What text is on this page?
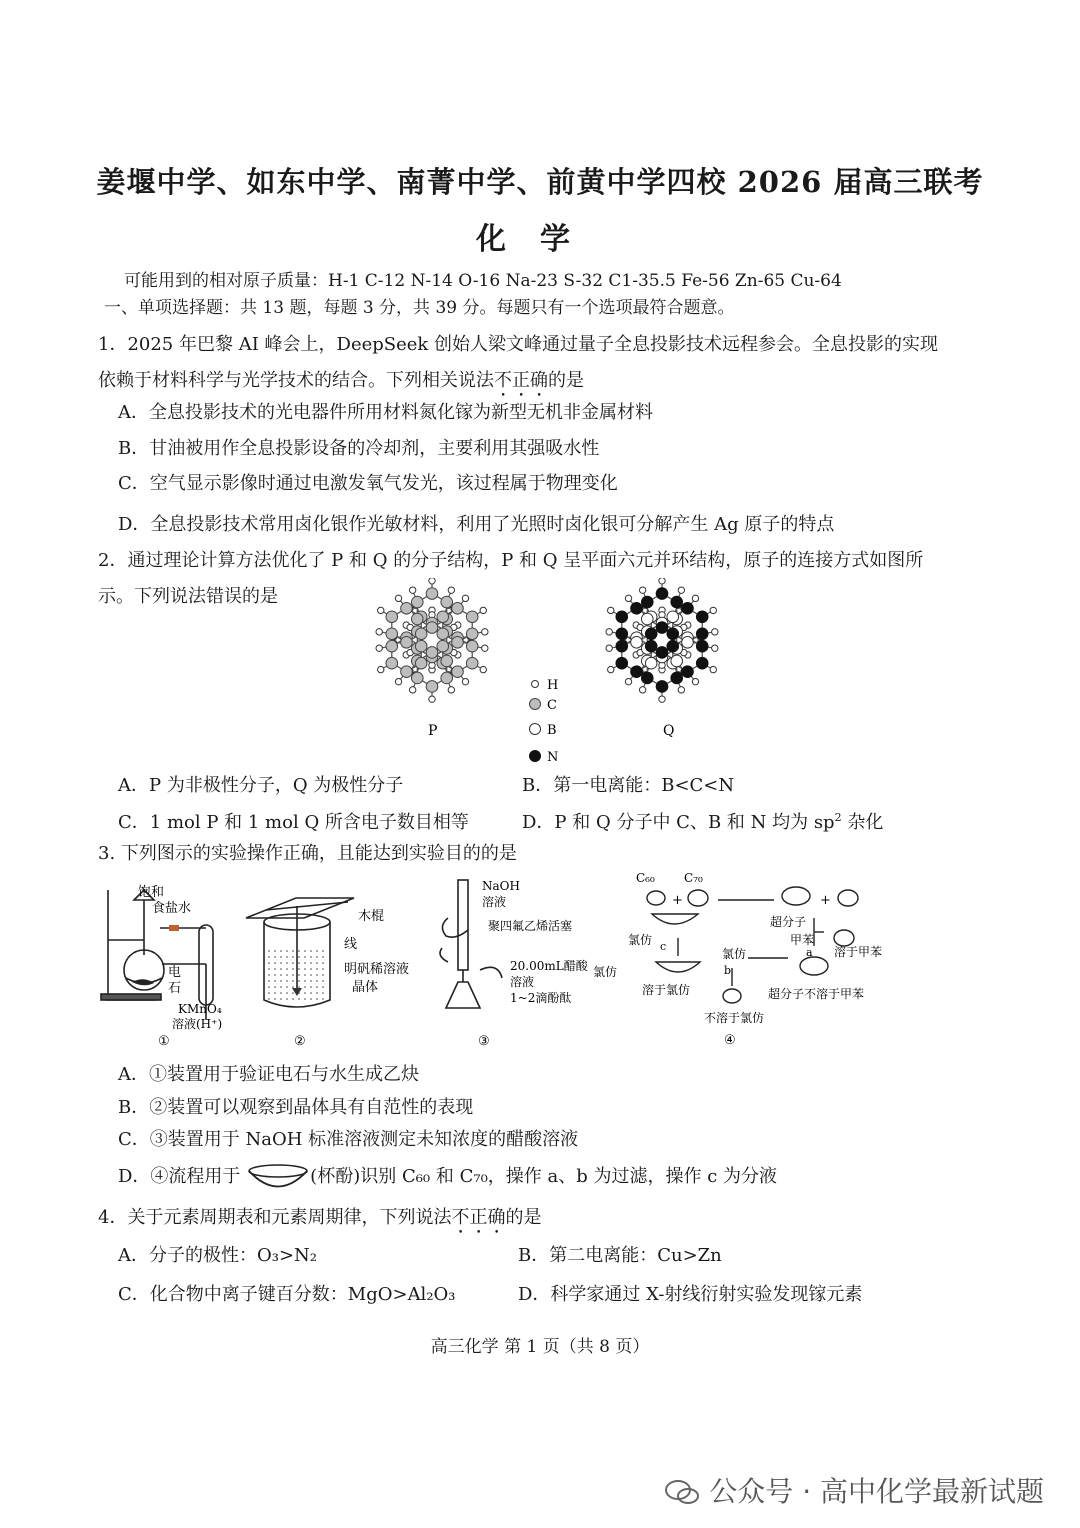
姜堰中学、如东中学、南菁中学、前黄中学四校 2026 届高三联考
化学
可能用到的相对原子质量：H-1 C-12 N-14 O-16 Na-23 S-32 C1-35.5 Fe-56 Zn-65 Cu-64
一、单项选择题：共 13 题，每题 3 分，共 39 分。每题只有一个选项最符合题意。
1．2025 年巴黎 AI 峰会上，DeepSeek 创始人梁文峰通过量子全息投影技术远程参会。全息投影的实现
依赖于材料科学与光学技术的结合。下列相关说法不正确的是
A．全息投影技术的光电器件所用材料氮化镓为新型无机非金属材料
B．甘油被用作全息投影设备的冷却剂，主要利用其强吸水性
C．空气显示影像时通过电激发氧气发光，该过程属于物理变化
D．全息投影技术常用卤化银作光敏材料，利用了光照时卤化银可分解产生 Ag 原子的特点
2．通过理论计算方法优化了 P 和 Q 的分子结构，P 和 Q 呈平面六元并环结构，原子的连接方式如图所
示。下列说法错误的是
P	Q
H
C
B
N
A．P 为非极性分子，Q 为极性分子	B．第一电离能：B<C<N
C．1 mol P 和 1 mol Q 所含电子数目相等	D．P 和 Q 分子中 C、B 和 N 均为 $sp^2$ 杂化
3. 下列图示的实验操作正确，且能达到实验目的的是
饱和
食盐水
电
石
KMnO₄
溶液(H⁺)
①
木棍
线
明矾稀溶液
晶体
②
NaOH
溶液
聚四氟乙烯活塞
20.00mL醋酸
溶液
1~2滴酚酞
氯仿
③
C₆₀ C₇₀
+	+
超分子
甲苯
a 溶于甲苯
氯仿 c
氯仿
b
溶于氯仿	超分子不溶于甲苯
不溶于氯仿
④
A．①装置用于验证电石与水生成乙炔
B．②装置可以观察到晶体具有自范性的表现
C．③装置用于 NaOH 标准溶液测定未知浓度的醋酸溶液
D．④流程用于	(杯酚)识别 C₆₀ 和 C₇₀，操作 a、b 为过滤，操作 c 为分液
4．关于元素周期表和元素周期律，下列说法不正确的是
A．分子的极性：O₃>N₂	B．第二电离能：Cu>Zn
C．化合物中离子键百分数：MgO>Al₂O₃	D．科学家通过 X-射线衍射实验发现镓元素
高三化学 第 1 页（共 8 页）
公众号 · 高中化学最新试题
